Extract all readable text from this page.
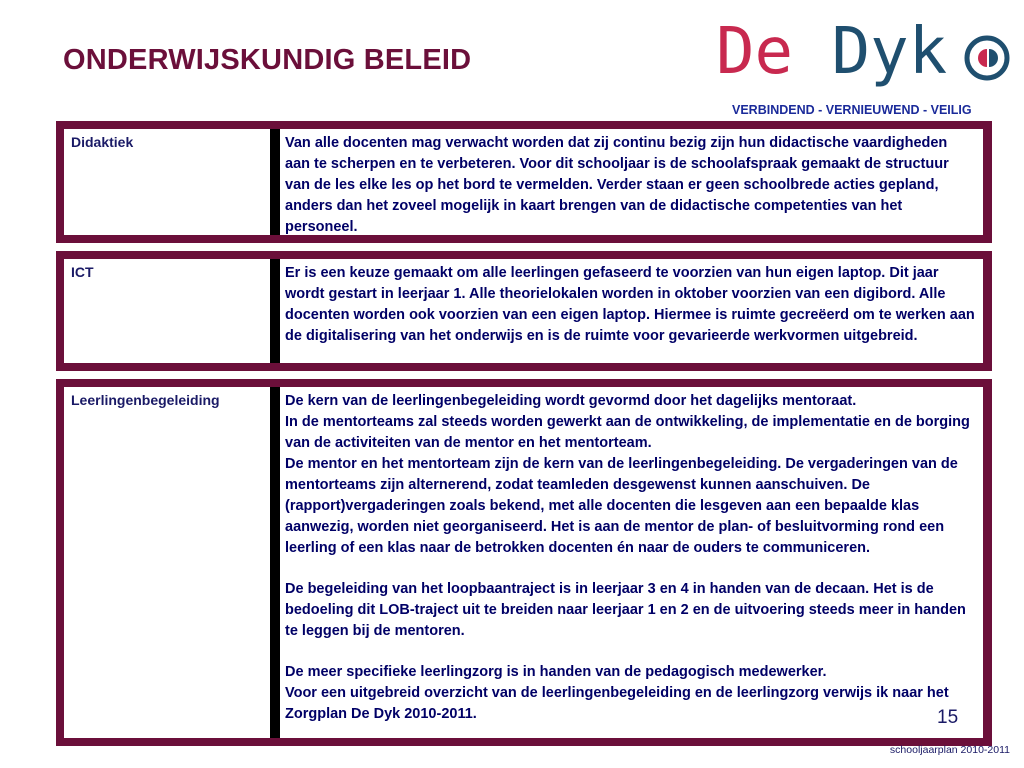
ONDERWIJSKUNDIG BELEID	De Dyk
VERBINDEND - VERNIEUWEND - VEILIG
Didaktiek	Van alle docenten mag verwacht worden dat zij continu bezig zijn hun didactische vaardigheden aan te scherpen en te verbeteren. Voor dit schooljaar is de schoolafspraak gemaakt de structuur van de les elke les op het bord te vermelden. Verder staan er geen schoolbrede acties gepland, anders dan het zoveel mogelijk in kaart brengen van de didactische competenties van het personeel.

ICT	Er is een keuze gemaakt om alle leerlingen gefaseerd te voorzien van hun eigen laptop. Dit jaar wordt gestart in leerjaar 1. Alle theorielokalen worden in oktober voorzien van een digibord. Alle docenten worden ook voorzien van een eigen laptop. Hiermee is ruimte gecreëerd om te werken aan de digitalisering van het onderwijs en is de ruimte voor gevarieerde werkvormen uitgebreid.

Leerlingenbegeleiding	De kern van de leerlingenbegeleiding wordt gevormd door het dagelijks mentoraat.

In de mentorteams zal steeds worden gewerkt aan de ontwikkeling, de implementatie en de borging van de activiteiten van de mentor en het mentorteam.

De mentor en het mentorteam zijn de kern van de leerlingenbegeleiding. De vergaderingen van de mentorteams zijn alternerend, zodat teamleden desgewenst kunnen aanschuiven. De (rapport)vergaderingen zoals bekend, met alle docenten die lesgeven aan een bepaalde klas aanwezig, worden niet georganiseerd. Het is aan de mentor de plan- of besluitvorming rond een leerling of een klas naar de betrokken docenten én naar de ouders te communiceren.

De begeleiding van het loopbaantraject is in leerjaar 3 en 4 in handen van de decaan. Het is de bedoeling dit LOB-traject uit te breiden naar leerjaar 1 en 2 en de uitvoering steeds meer in handen te leggen bij de mentoren.

De meer specifieke leerlingzorg is in handen van de pedagogisch medewerker.

Voor een uitgebreid overzicht van de leerlingenbegeleiding en de leerlingzorg verwijs ik naar het Zorgplan De Dyk 2010-2011.	15
schooljaarplan 2010-2011
